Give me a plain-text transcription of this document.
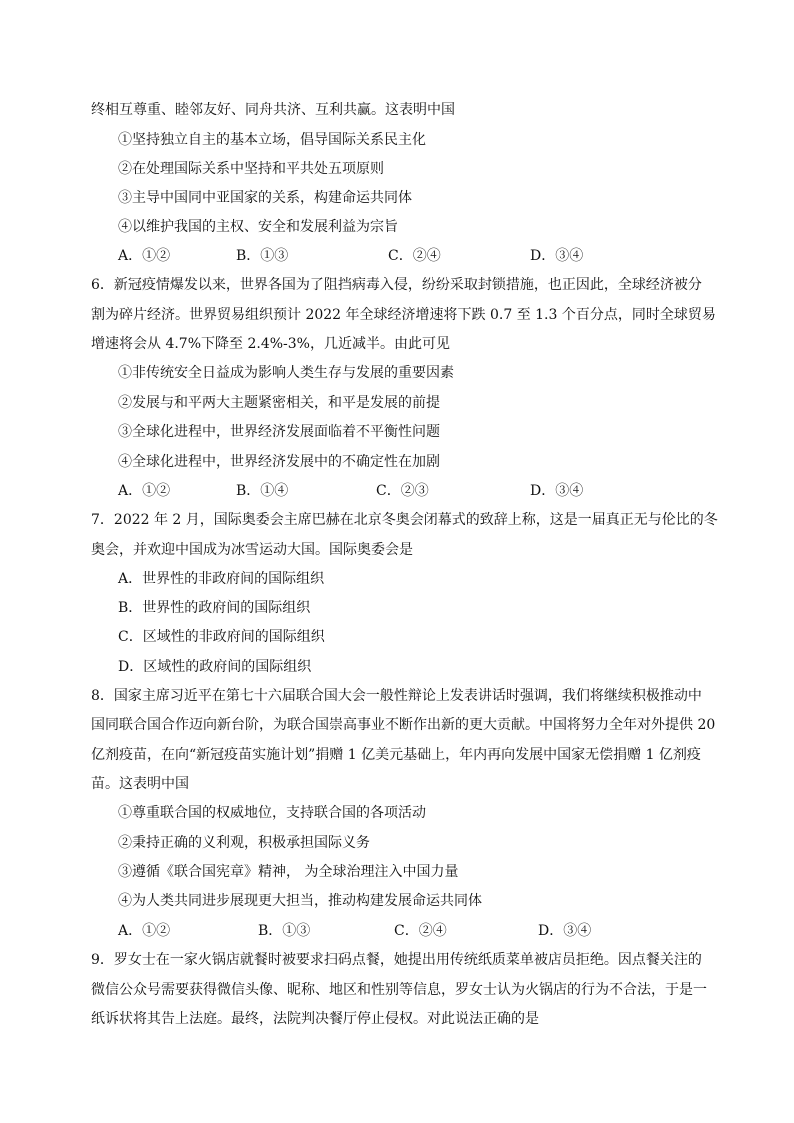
终相互尊重、睦邻友好、同舟共济、互利共赢。这表明中国
①坚持独立自主的基本立场，倡导国际关系民主化
②在处理国际关系中坚持和平共处五项原则
③主导中国同中亚国家的关系，构建命运共同体
④以维护我国的主权、安全和发展利益为宗旨
A．①②	B．①③	C．②④	D．③④
6．新冠疫情爆发以来，世界各国为了阻挡病毒入侵，纷纷采取封锁措施，也正因此，全球经济被分
割为碎片经济。世界贸易组织预计 2022 年全球经济增速将下跌 0.7 至 1.3 个百分点，同时全球贸易
增速将会从 4.7%下降至 2.4%-3%，几近减半。由此可见
①非传统安全日益成为影响人类生存与发展的重要因素
②发展与和平两大主题紧密相关，和平是发展的前提
③全球化进程中，世界经济发展面临着不平衡性问题
④全球化进程中，世界经济发展中的不确定性在加剧
A．①②	B．①④	C．②③	D．③④
7．2022 年 2 月，国际奥委会主席巴赫在北京冬奥会闭幕式的致辞上称，这是一届真正无与伦比的冬
奥会，并欢迎中国成为冰雪运动大国。国际奥委会是
A．世界性的非政府间的国际组织
B．世界性的政府间的国际组织
C．区域性的非政府间的国际组织
D．区域性的政府间的国际组织
8．国家主席习近平在第七十六届联合国大会一般性辩论上发表讲话时强调，我们将继续积极推动中
国同联合国合作迈向新台阶，为联合国崇高事业不断作出新的更大贡献。中国将努力全年对外提供 20
亿剂疫苗，在向“新冠疫苗实施计划”捐赠 1 亿美元基础上，年内再向发展中国家无偿捐赠 1 亿剂疫
苗。这表明中国
①尊重联合国的权威地位，支持联合国的各项活动
②秉持正确的义利观，积极承担国际义务
③遵循《联合国宪章》精神， 为全球治理注入中国力量
④为人类共同进步展现更大担当，推动构建发展命运共同体
A．①②	B．①③	C．②④	D．③④
9．罗女士在一家火锅店就餐时被要求扫码点餐，她提出用传统纸质菜单被店员拒绝。因点餐关注的
微信公众号需要获得微信头像、昵称、地区和性别等信息，罗女士认为火锅店的行为不合法，于是一
纸诉状将其告上法庭。最终，法院判决餐厅停止侵权。对此说法正确的是
